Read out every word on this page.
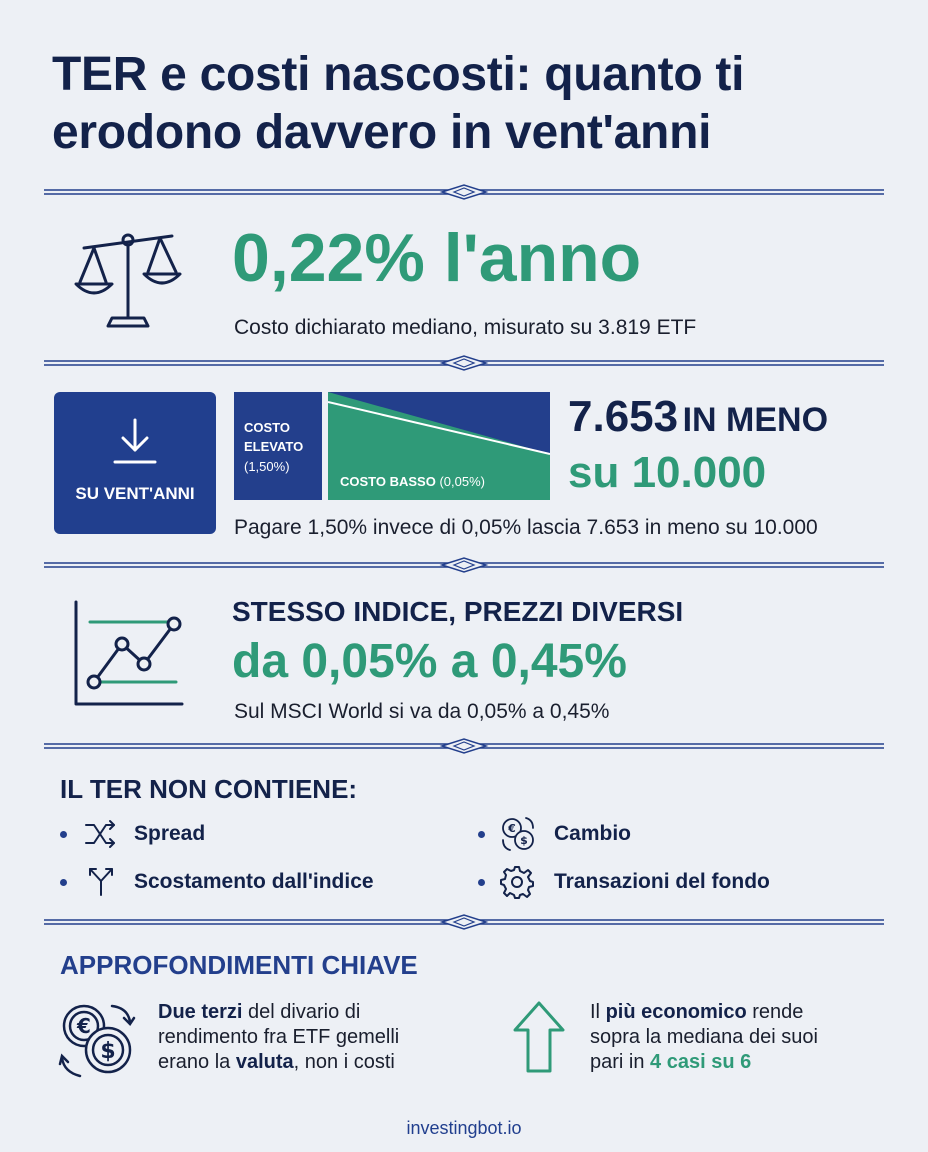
TER e costi nascosti: quanto ti
erodono davvero in vent'anni
0,22% l'anno
Costo dichiarato mediano, misurato su 3.819 ETF
SU VENT'ANNI
COSTO
ELEVATO
(1,50%)
COSTO BASSO (0,05%)
7.653 IN MENO
su 10.000
Pagare 1,50% invece di 0,05% lascia 7.653 in meno su 10.000
STESSO INDICE, PREZZI DIVERSI
da 0,05% a 0,45%
Sul MSCI World si va da 0,05% a 0,45%
IL TER NON CONTIENE:
Spread
Scostamento dall'indice
€
$ Cambio
Transazioni del fondo
APPROFONDIMENTI CHIAVE
€
$
Due terzi del divario di
rendimento fra ETF gemelli
erano la valuta, non i costi
Il più economico rende
sopra la mediana dei suoi
pari in 4 casi su 6
investingbot.io
